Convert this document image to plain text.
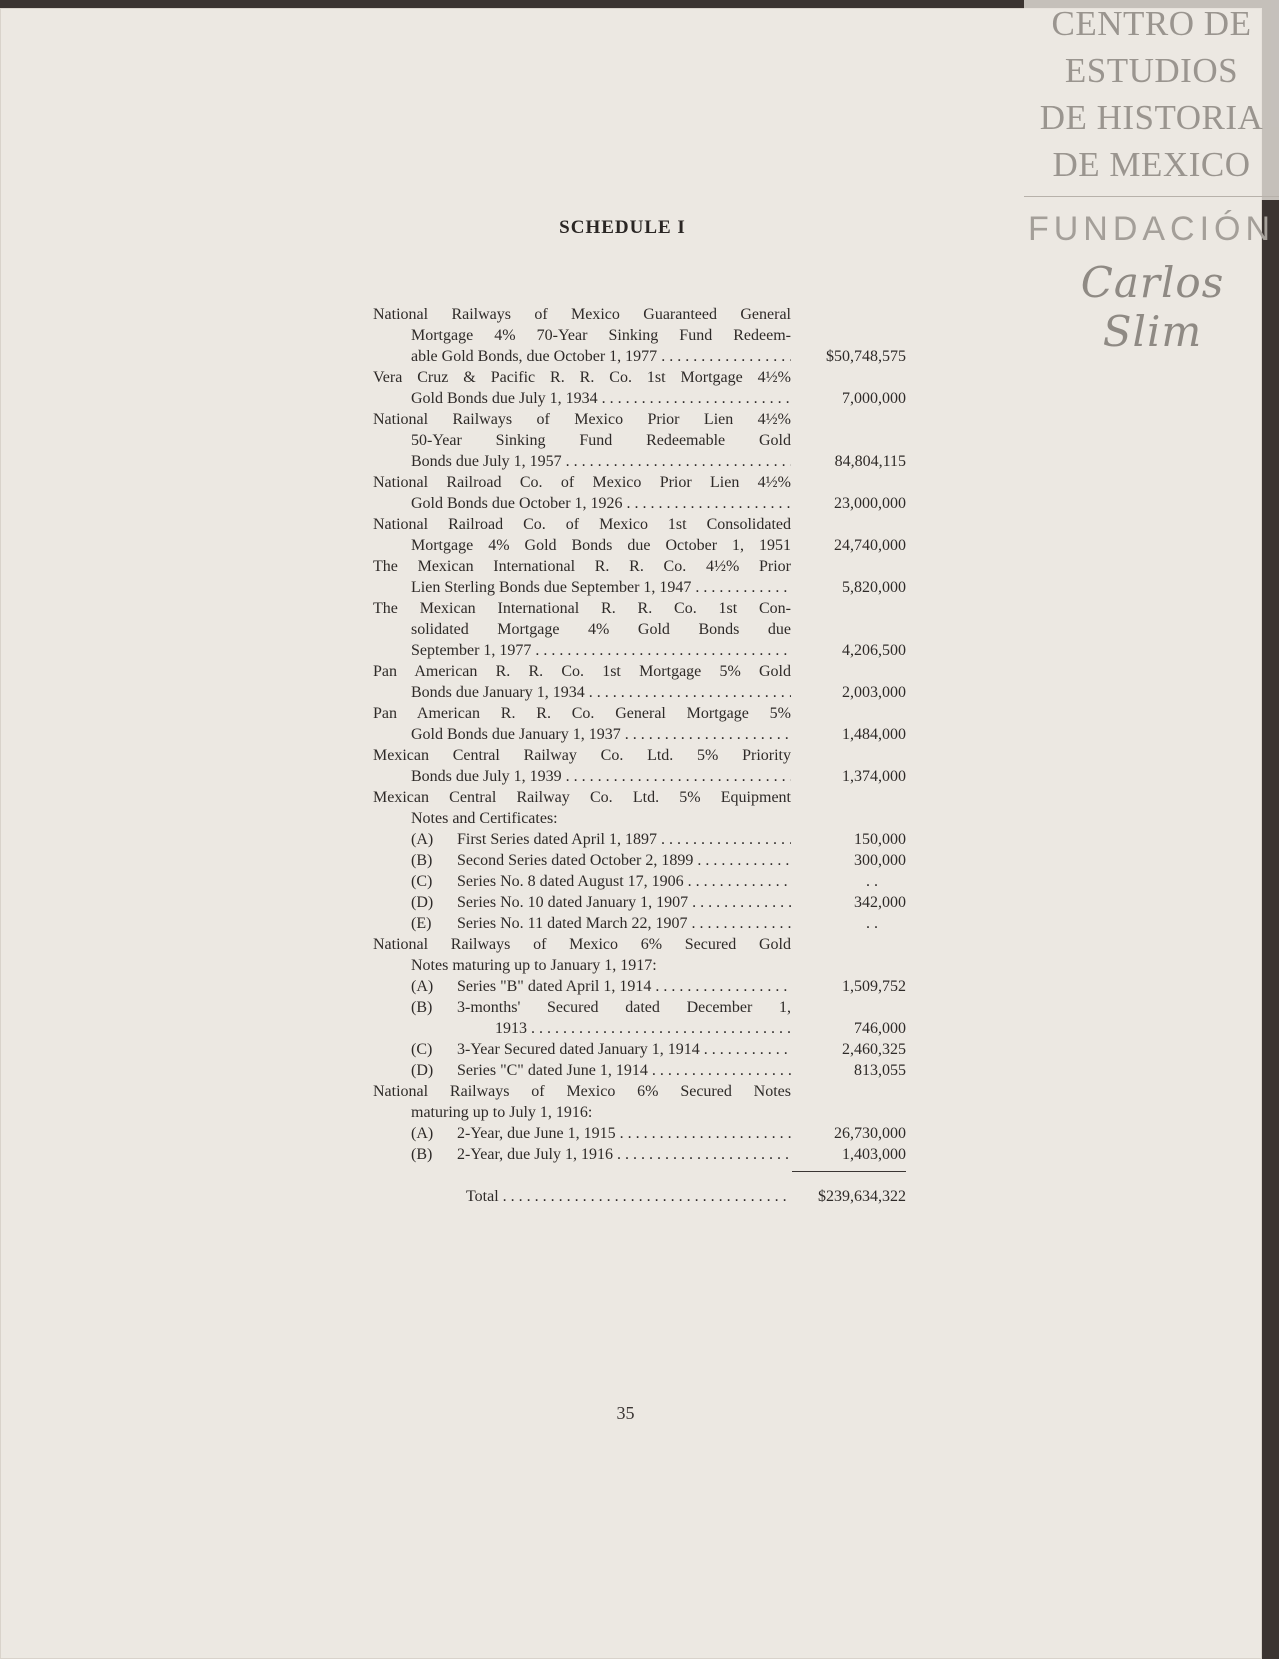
CENTRO DE
ESTUDIOS
DE HISTORIA
DE MEXICO
FUNDACIÓN
Carlos Slim
SCHEDULE I
National Railways of Mexico Guaranteed General
Mortgage 4% 70-Year Sinking Fund Redeem-
able Gold Bonds, due October 1, 1977 . . .	$50,748,575
Vera Cruz & Pacific R. R. Co. 1st Mortgage 4½%
Gold Bonds due July 1, 1934 . . .	7,000,000
National Railways of Mexico Prior Lien 4½%
50-Year Sinking Fund Redeemable Gold
Bonds due July 1, 1957 . . .	84,804,115
National Railroad Co. of Mexico Prior Lien 4½%
Gold Bonds due October 1, 1926 . . .	23,000,000
National Railroad Co. of Mexico 1st Consolidated
Mortgage 4% Gold Bonds due October 1, 1951	24,740,000
The Mexican International R. R. Co. 4½% Prior
Lien Sterling Bonds due September 1, 1947 . . .	5,820,000
The Mexican International R. R. Co. 1st Con-
solidated Mortgage 4% Gold Bonds due
September 1, 1977 . . .	4,206,500
Pan American R. R. Co. 1st Mortgage 5% Gold
Bonds due January 1, 1934 . . .	2,003,000
Pan American R. R. Co. General Mortgage 5%
Gold Bonds due January 1, 1937 . . .	1,484,000
Mexican Central Railway Co. Ltd. 5% Priority
Bonds due July 1, 1939 . . .	1,374,000
Mexican Central Railway Co. Ltd. 5% Equipment
Notes and Certificates:
(A)	First Series dated April 1, 1897 . . .	150,000
(B)	Second Series dated October 2, 1899 . . .	300,000
(C)	Series No. 8 dated August 17, 1906 . . .	. .
(D)	Series No. 10 dated January 1, 1907 . . .	342,000
(E)	Series No. 11 dated March 22, 1907 . . .	. .
National Railways of Mexico 6% Secured Gold
Notes maturing up to January 1, 1917:
(A)	Series "B" dated April 1, 1914 . . .	1,509,752
(B)	3-months' Secured dated December 1,
1913 . . .	746,000
(C)	3-Year Secured dated January 1, 1914 . . .	2,460,325
(D)	Series "C" dated June 1, 1914 . . .	813,055
National Railways of Mexico 6% Secured Notes
maturing up to July 1, 1916:
(A)	2-Year, due June 1, 1915 . . .	26,730,000
(B)	2-Year, due July 1, 1916 . . .	1,403,000
Total . . .	$239,634,322
35
